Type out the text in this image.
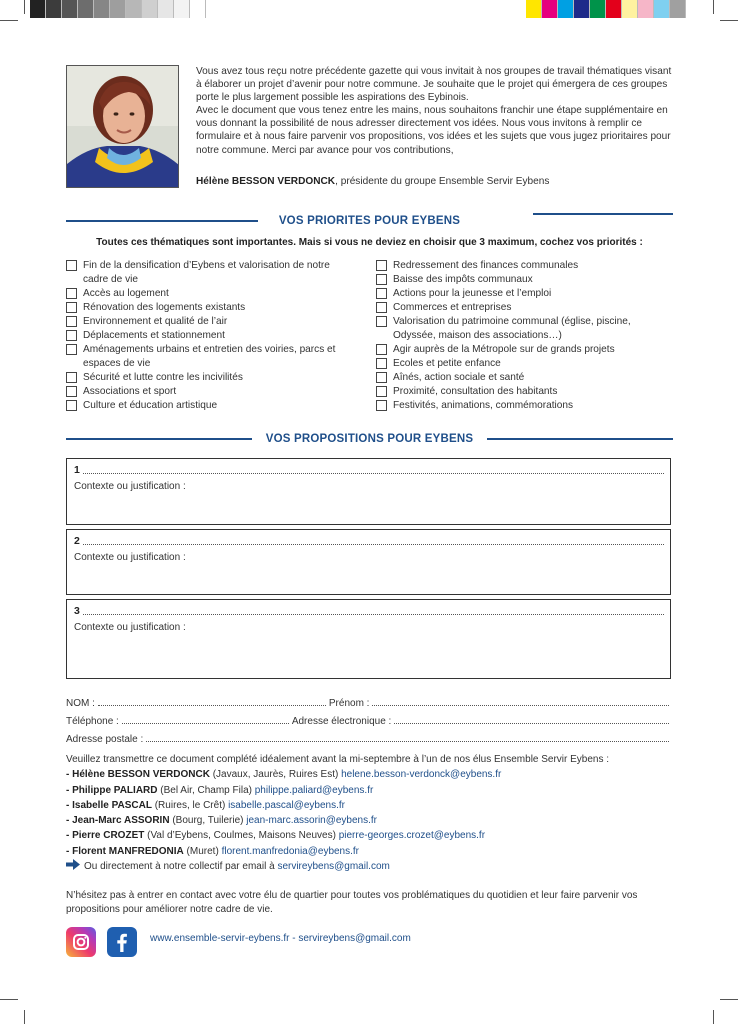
Vous avez tous reçu notre précédente gazette qui vous invitait à nos groupes de travail thématiques visant à élaborer un projet d’avenir pour notre commune. Je souhaite que le projet qui émergera de ces groupes porte le plus largement possible les aspirations des Eybinois.

Avec le document que vous tenez entre les mains, nous souhaitons franchir une étape supplémentaire en vous donnant la possibilité de nous adresser directement vos idées. Nous vous invitons à remplir ce formulaire et à nous faire parvenir vos propositions, vos idées et les sujets que vous jugez prioritaires pour notre commune. Merci par avance pour vos contributions,

Hélène BESSON VERDONCK, présidente du groupe Ensemble Servir Eybens
VOS PRIORITES POUR EYBENS
Toutes ces thématiques sont importantes. Mais si vous ne deviez en choisir que 3 maximum, cochez vos priorités :
Fin de la densification d’Eybens et valorisation de notre cadre de vie
Accès au logement
Rénovation des logements existants
Environnement et qualité de l’air
Déplacements et stationnement
Aménagements urbains et entretien des voiries, parcs et espaces de vie
Sécurité et lutte contre les incivilités
Associations et sport
Culture et éducation artistique
Redressement des finances communales
Baisse des impôts communaux
Actions pour la jeunesse et l’emploi
Commerces et entreprises
Valorisation du patrimoine communal (église, piscine, Odyssée, maison des associations…)
Agir auprès de la Métropole sur de grands projets
Ecoles et petite enfance
Aînés, action sociale et santé
Proximité, consultation des habitants
Festivités, animations, commémorations
VOS PROPOSITIONS POUR EYBENS
1
Contexte ou justification :
2
Contexte ou justification :
3
Contexte ou justification :
NOM :	Prénom :
Téléphone :	Adresse électronique :
Adresse postale :
Veuillez transmettre ce document complété idéalement avant la mi-septembre à l’un de nos élus Ensemble Servir Eybens :
- Hélène BESSON VERDONCK (Javaux, Jaurès, Ruires Est) helene.besson-verdonck@eybens.fr
- Philippe PALIARD (Bel Air, Champ Fila) philippe.paliard@eybens.fr
- Isabelle PASCAL (Ruires, le Crêt) isabelle.pascal@eybens.fr
- Jean-Marc ASSORIN (Bourg, Tuilerie) jean-marc.assorin@eybens.fr
- Pierre CROZET (Val d’Eybens, Coulmes, Maisons Neuves) pierre-georges.crozet@eybens.fr
- Florent MANFREDONIA (Muret) florent.manfredonia@eybens.fr
Ou directement à notre collectif par email à servireybens@gmail.com
N’hésitez pas à entrer en contact avec votre élu de quartier pour toutes vos problématiques du quotidien et leur faire parvenir vos propositions pour améliorer notre cadre de vie.
www.ensemble-servir-eybens.fr - servireybens@gmail.com
